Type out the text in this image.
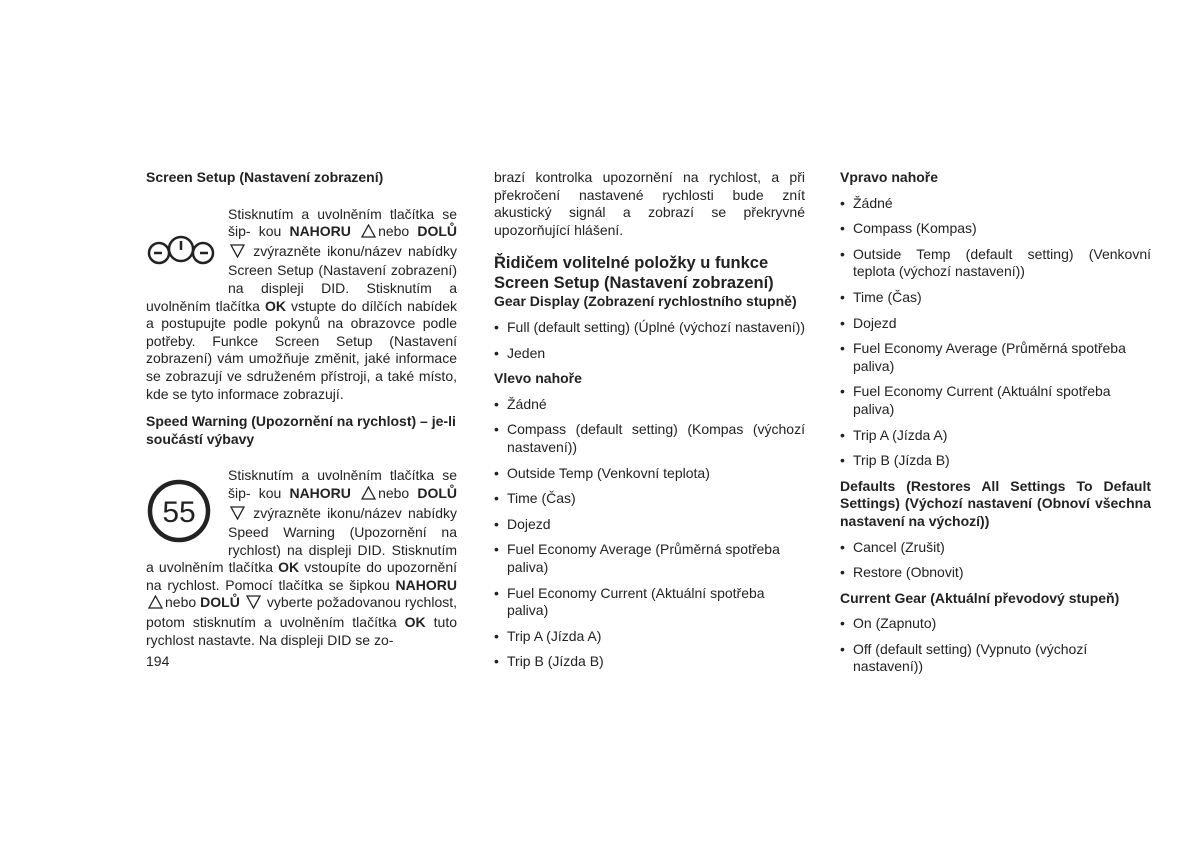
Screen Setup (Nastavení zobrazení)

Stisknutím a uvolněním tlačítka se šip- kou NAHORU nebo DOLŮ  zvýrazněte ikonu/název nabídky Screen Setup (Nastavení zobrazení) na displeji DID. Stisknutím a uvolněním tlačítka OK vstupte do dílčích nabídek a postupujte podle pokynů na obrazovce podle potřeby. Funkce Screen Setup (Nastavení zobrazení) vám umožňuje změnit, jaké informace se zobrazují ve sdruženém přístroji, a také místo, kde se tyto informace zobrazují.

Speed Warning (Upozornění na rychlost) – je-li součástí výbavy
55

Stisknutím a uvolněním tlačítka se šip- kou NAHORU nebo DOLŮ  zvýrazněte ikonu/název nabídky Speed Warning (Upozornění na rychlost) na displeji DID. Stisknutím a uvolněním tlačítka OK vstoupíte do upozornění na rychlost. Pomocí tlačítka se šipkou NAHORU nebo DOLŮ vyberte požadovanou rychlost, potom stisknutím a uvolněním tlačítka OK tuto rychlost nastavte. Na displeji DID se zo-

brazí kontrolka upozornění na rychlost, a při překročení nastavené rychlosti bude znít akustický signál a zobrazí se překryvné upozorňující hlášení.

Řidičem volitelné položky u funkce Screen Setup (Nastavení zobrazení)
Gear Display (Zobrazení rychlostního stupně)
• Full (default setting) (Úplné (výchozí nastavení))
• Jeden
Vlevo nahoře
• Žádné
• Compass (default setting) (Kompas (výchozí nastavení))
• Outside Temp (Venkovní teplota)
• Time (Čas)
• Dojezd
• Fuel Economy Average (Průměrná spotřeba paliva)
• Fuel Economy Current (Aktuální spotřeba paliva)
• Trip A (Jízda A)
• Trip B (Jízda B)
Vpravo nahoře
• Žádné
• Compass (Kompas)
• Outside Temp (default setting) (Venkovní teplota (výchozí nastavení))
• Time (Čas)
• Dojezd
• Fuel Economy Average (Průměrná spotřeba paliva)
• Fuel Economy Current (Aktuální spotřeba paliva)
• Trip A (Jízda A)
• Trip B (Jízda B)
Defaults (Restores All Settings To Default Settings) (Výchozí nastavení (Obnoví všechna nastavení na výchozí))
• Cancel (Zrušit)
• Restore (Obnovit)
Current Gear (Aktuální převodový stupeň)
• On (Zapnuto)
• Off (default setting) (Vypnuto (výchozí nastavení))
194
